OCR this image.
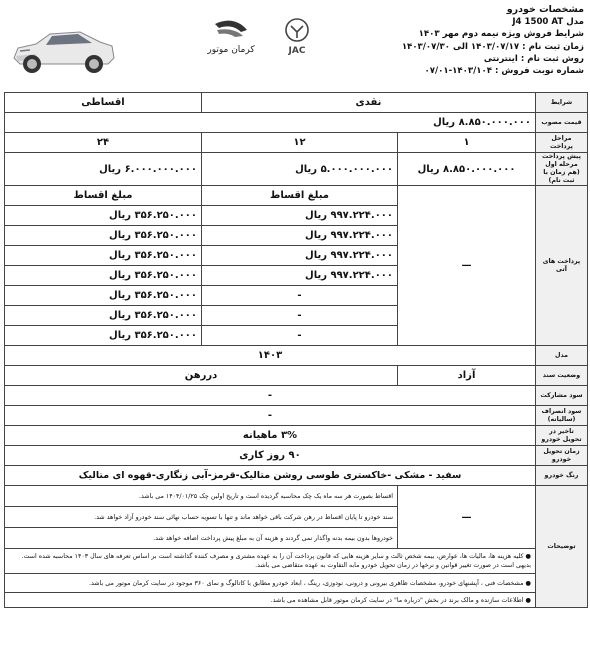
مشخصات خودرو
مدل J4 1500 AT
شرایط فروش ویژه نیمه دوم مهر ۱۴۰۳
زمان ثبت نام : ۱۴۰۳/۰۷/۱۷ الی ۱۴۰۳/۰۷/۳۰
روش ثبت نام : اینترنتی
شماره نوبت فروش : ۱۴۰۳/۱۰۴-۰۷/۰۱
کرمان موتور	JAC
شرایط	نقدی		اقساطی
قیمت مصوب	۸.۸۵۰.۰۰۰.۰۰۰ ریال		
مراحل پرداخت	۱	۱۲	۲۴
پیش پرداخت
مرحله اول (هم زمان با ثبت نام)	۸.۸۵۰.۰۰۰.۰۰۰ ریال	۵.۰۰۰.۰۰۰.۰۰۰ ریال	۶.۰۰۰.۰۰۰.۰۰۰ ریال
پرداخت های آتی	—	مبلغ اقساط	مبلغ اقساط
		۹۹۷.۲۲۴.۰۰۰ ریال	۳۵۶.۲۵۰.۰۰۰ ریال
		۹۹۷.۲۲۴.۰۰۰ ریال	۳۵۶.۲۵۰.۰۰۰ ریال
		۹۹۷.۲۲۴.۰۰۰ ریال	۳۵۶.۲۵۰.۰۰۰ ریال
		۹۹۷.۲۲۴.۰۰۰ ریال	۳۵۶.۲۵۰.۰۰۰ ریال
		-	۳۵۶.۲۵۰.۰۰۰ ریال
		-	۳۵۶.۲۵۰.۰۰۰ ریال
		-	۳۵۶.۲۵۰.۰۰۰ ریال
مدل	۱۴۰۳		
وضعیت سند	آزاد	دررهن	
سود مشارکت	-		
سود انصراف (سالیانه)	-		
تاخیر در تحویل خودرو	۳% ماهیانه		
زمان تحویل خودرو	۹۰ روز کاری		
رنگ خودرو	سفید - مشکی -خاکستری طوسی روشن متالیک-قرمز-آبی زنگاری-قهوه ای متالیک		
توضیحات	—	اقساط بصورت هر سه ماه یک چک محاسبه گردیده است و تاریخ اولین چک ۱۴۰۴/۰۱/۲۵ می باشد.	
		سند خودرو تا پایان اقساط در رهن شرکت باقی خواهد ماند و تنها با تسویه حساب نهائی سند خودرو آزاد خواهد شد.	
		خودروها بدون بیمه بدنه واگذار نمی گردند و هزینه آن به مبلغ پیش پرداخت اضافه خواهد شد.	
	● کلیه هزینه ها، مالیات ها، عوارض، بیمه شخص ثالث و سایر هزینه هایی که قانون پرداخت آن را به عهده مشتری و مصرف کننده گذاشته است بر اساس تعرفه های سال ۱۴۰۳ محاسبه شده است. بدیهی است در صورت تغییر قوانین و نرخها در زمان تحویل خودرو مابه التفاوت به عهده متقاضی می باشد.		
	● مشخصات فنی ، آپشنهای خودرو، مشخصات ظاهری بیرونی و درونی، نودوزی، رینگ ، ابعاد خودرو مطابق با کاتالوگ و نمای ۳۶۰ موجود در سایت کرمان موتور می باشد.		
	● اطلاعات سازنده و مالک برند در بخش "درباره ما" در سایت کرمان موتور قابل مشاهده می باشد.		
